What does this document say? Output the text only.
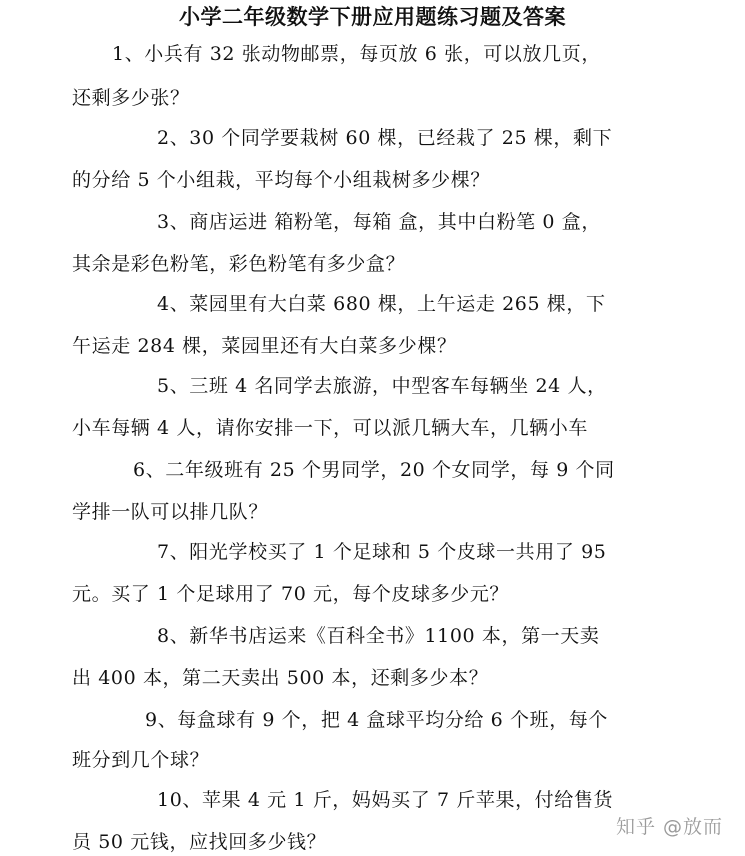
小学二年级数学下册应用题练习题及答案
1、小兵有 32 张动物邮票，每页放 6 张，可以放几页，
还剩多少张？
2、30 个同学要栽树 60 棵，已经栽了 25 棵，剩下
的分给 5 个小组栽，平均每个小组栽树多少棵？
3、商店运进 箱粉笔，每箱 盒，其中白粉笔 0 盒，
其余是彩色粉笔，彩色粉笔有多少盒？
4、菜园里有大白菜 680 棵，上午运走 265 棵，下
午运走 284 棵，菜园里还有大白菜多少棵？
5、三班 4 名同学去旅游，中型客车每辆坐 24 人，
小车每辆 4 人，请你安排一下，可以派几辆大车，几辆小车
6、二年级班有 25 个男同学，20 个女同学，每 9 个同
学排一队可以排几队？
7、阳光学校买了 1 个足球和 5 个皮球一共用了 95
元。买了 1 个足球用了 70 元，每个皮球多少元？
8、新华书店运来《百科全书》1100 本，第一天卖
出 400 本，第二天卖出 500 本，还剩多少本？
9、每盒球有 9 个，把 4 盒球平均分给 6 个班，每个
班分到几个球？
10、苹果 4 元 1 斤，妈妈买了 7 斤苹果，付给售货
员 50 元钱，应找回多少钱？
知乎 @放而
